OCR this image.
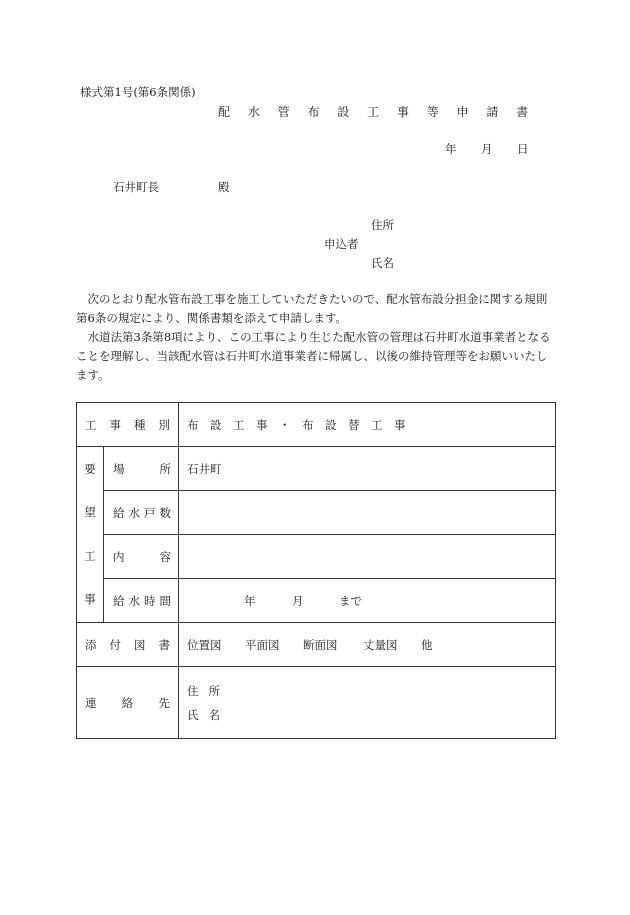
様式第1号(第6条関係)
配 水 管 布 設 工 事 等 申 請 書
年 月 日
石井町長	殿
住所
申込者
氏名

次のとおり配水管布設工事を施工していただきたいので、配水管布設分担金に関する規則第6条の規定により、関係書類を添えて申請します。

水道法第3条第8項により、この工事により生じた配水管の管理は石井町水道事業者となることを理解し、当該配水管は石井町水道事業者に帰属し、以後の維持管理等をお願いいたします。

工事種別		布　設　工　事　・　布　設　替　工　事

要
望
工
事	場所	石井町
	給水戸数	
	内容	
	給水時間	年 月 まで
添付図書		位置図 平面図 断面図 丈量図 他
連絡先		住所
氏名
